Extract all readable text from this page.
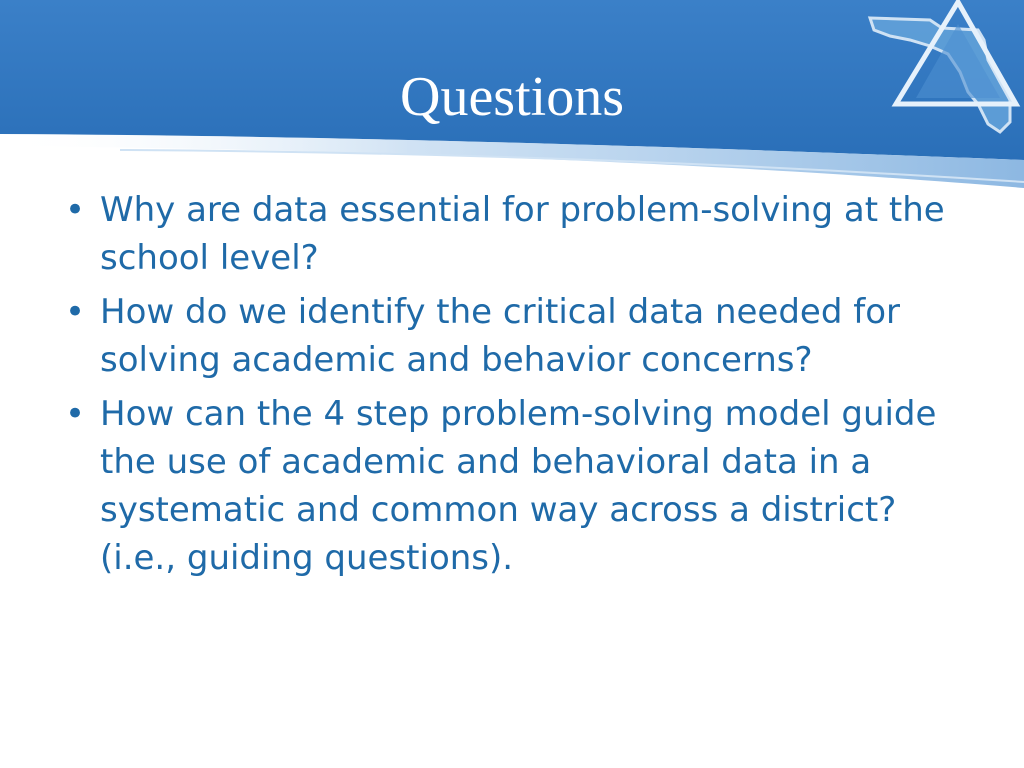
Questions
• Why are data essential for problem-solving at the school level?
• How do we identify the critical data needed for solving academic and behavior concerns?
• How can the 4 step problem-solving model guide the use of academic and behavioral data in a systematic and common way across a district? (i.e., guiding questions).
